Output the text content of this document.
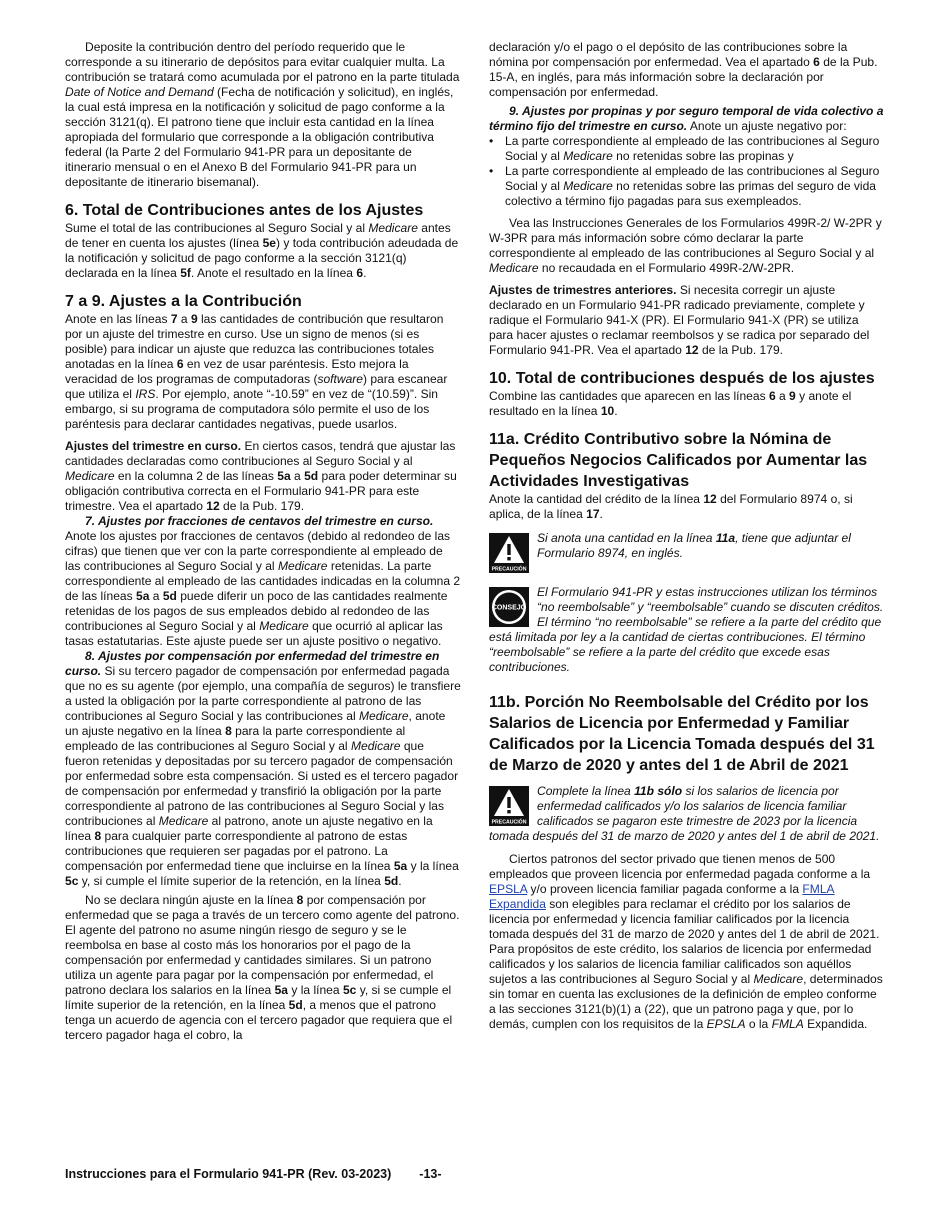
Deposite la contribución dentro del período requerido que le corresponde a su itinerario de depósitos para evitar cualquier multa. La contribución se tratará como acumulada por el patrono en la parte titulada Date of Notice and Demand (Fecha de notificación y solicitud), en inglés, la cual está impresa en la notificación y solicitud de pago conforme a la sección 3121(q). El patrono tiene que incluir esta cantidad en la línea apropiada del formulario que corresponde a la obligación contributiva federal (la Parte 2 del Formulario 941-PR para un depositante de itinerario mensual o en el Anexo B del Formulario 941-PR para un depositante de itinerario bisemanal).

6. Total de Contribuciones antes de los Ajustes

Sume el total de las contribuciones al Seguro Social y al Medicare antes de tener en cuenta los ajustes (línea 5e) y toda contribución adeudada de la notificación y solicitud de pago conforme a la sección 3121(q) declarada en la línea 5f. Anote el resultado en la línea 6.

7 a 9. Ajustes a la Contribución

Anote en las líneas 7 a 9 las cantidades de contribución que resultaron por un ajuste del trimestre en curso. Use un signo de menos (si es posible) para indicar un ajuste que reduzca las contribuciones totales anotadas en la línea 6 en vez de usar paréntesis. Esto mejora la veracidad de los programas de computadoras (software) para escanear que utiliza el IRS. Por ejemplo, anote “-10.59” en vez de “(10.59)”. Sin embargo, si su programa de computadora sólo permite el uso de los paréntesis para declarar cantidades negativas, puede usarlos.

Ajustes del trimestre en curso. En ciertos casos, tendrá que ajustar las cantidades declaradas como contribuciones al Seguro Social y al Medicare en la columna 2 de las líneas 5a a 5d para poder determinar su obligación contributiva correcta en el Formulario 941-PR para este trimestre. Vea el apartado 12 de la Pub. 179.

7. Ajustes por fracciones de centavos del trimestre en curso. Anote los ajustes por fracciones de centavos (debido al redondeo de las cifras) que tienen que ver con la parte correspondiente al empleado de las contribuciones al Seguro Social y al Medicare retenidas. La parte correspondiente al empleado de las cantidades indicadas en la columna 2 de las líneas 5a a 5d puede diferir un poco de las cantidades realmente retenidas de los pagos de sus empleados debido al redondeo de las contribuciones al Seguro Social y al Medicare que ocurrió al aplicar las tasas estatutarias. Este ajuste puede ser un ajuste positivo o negativo.

8. Ajustes por compensación por enfermedad del trimestre en curso. Si su tercero pagador de compensación por enfermedad pagada que no es su agente (por ejemplo, una compañía de seguros) le transfiere a usted la obligación por la parte correspondiente al patrono de las contribuciones al Seguro Social y las contribuciones al Medicare, anote un ajuste negativo en la línea 8 para la parte correspondiente al empleado de las contribuciones al Seguro Social y al Medicare que fueron retenidas y depositadas por su tercero pagador de compensación por enfermedad sobre esta compensación. Si usted es el tercero pagador de compensación por enfermedad y transfirió la obligación por la parte correspondiente al patrono de las contribuciones al Seguro Social y las contribuciones al Medicare al patrono, anote un ajuste negativo en la línea 8 para cualquier parte correspondiente al patrono de estas contribuciones que requieren ser pagadas por el patrono. La compensación por enfermedad tiene que incluirse en la línea 5a y la línea 5c y, si cumple el límite superior de la retención, en la línea 5d.

No se declara ningún ajuste en la línea 8 por compensación por enfermedad que se paga a través de un tercero como agente del patrono. El agente del patrono no asume ningún riesgo de seguro y se le reembolsa en base al costo más los honorarios por el pago de la compensación por enfermedad y cantidades similares. Si un patrono utiliza un agente para pagar por la compensación por enfermedad, el patrono declara los salarios en la línea 5a y la línea 5c y, si se cumple el límite superior de la retención, en la línea 5d, a menos que el patrono tenga un acuerdo de agencia con el tercero pagador que requiera que el tercero pagador haga el cobro, la

declaración y/o el pago o el depósito de las contribuciones sobre la nómina por compensación por enfermedad. Vea el apartado 6 de la Pub. 15-A, en inglés, para más información sobre la declaración por compensación por enfermedad.

9. Ajustes por propinas y por seguro temporal de vida colectivo a término fijo del trimestre en curso. Anote un ajuste negativo por:

• La parte correspondiente al empleado de las contribuciones al Seguro Social y al Medicare no retenidas sobre las propinas y
• La parte correspondiente al empleado de las contribuciones al Seguro Social y al Medicare no retenidas sobre las primas del seguro de vida colectivo a término fijo pagadas para sus exempleados.

Vea las Instrucciones Generales de los Formularios 499R-2/ W-2PR y W-3PR para más información sobre cómo declarar la parte correspondiente al empleado de las contribuciones al Seguro Social y al Medicare no recaudada en el Formulario 499R-2/W-2PR.

Ajustes de trimestres anteriores. Si necesita corregir un ajuste declarado en un Formulario 941-PR radicado previamente, complete y radique el Formulario 941-X (PR). El Formulario 941-X (PR) se utiliza para hacer ajustes o reclamar reembolsos y se radica por separado del Formulario 941-PR. Vea el apartado 12 de la Pub. 179.

10. Total de contribuciones después de los ajustes

Combine las cantidades que aparecen en las líneas 6 a 9 y anote el resultado en la línea 10.

11a. Crédito Contributivo sobre la Nómina de Pequeños Negocios Calificados por Aumentar las Actividades Investigativas

Anote la cantidad del crédito de la línea 12 del Formulario 8974 o, si aplica, de la línea 17.

PRECAUCIÓN

Si anota una cantidad en la línea 11a, tiene que adjuntar el Formulario 8974, en inglés.

CONSEJO

El Formulario 941-PR y estas instrucciones utilizan los términos “no reembolsable” y “reembolsable” cuando se discuten créditos. El término “no reembolsable” se refiere a la parte del crédito que está limitada por ley a la cantidad de ciertas contribuciones. El término “reembolsable” se refiere a la parte del crédito que excede esas contribuciones.

11b. Porción No Reembolsable del Crédito por los Salarios de Licencia por Enfermedad y Familiar Calificados por la Licencia Tomada después del 31 de Marzo de 2020 y antes del 1 de Abril de 2021
PRECAUCIÓN

Complete la línea 11b sólo si los salarios de licencia por enfermedad calificados y/o los salarios de licencia familiar calificados se pagaron este trimestre de 2023 por la licencia tomada después del 31 de marzo de 2020 y antes del 1 de abril de 2021.

Ciertos patronos del sector privado que tienen menos de 500 empleados que proveen licencia por enfermedad pagada conforme a la EPSLA y/o proveen licencia familiar pagada conforme a la FMLA Expandida son elegibles para reclamar el crédito por los salarios de licencia por enfermedad y licencia familiar calificados por la licencia tomada después del 31 de marzo de 2020 y antes del 1 de abril de 2021. Para propósitos de este crédito, los salarios de licencia por enfermedad calificados y los salarios de licencia familiar calificados son aquéllos sujetos a las contribuciones al Seguro Social y al Medicare, determinados sin tomar en cuenta las exclusiones de la definición de empleo conforme a las secciones 3121(b)(1) a (22), que un patrono paga y que, por lo demás, cumplen con los requisitos de la EPSLA o la FMLA Expandida.

Instrucciones para el Formulario 941-PR (Rev. 03-2023) -13-
